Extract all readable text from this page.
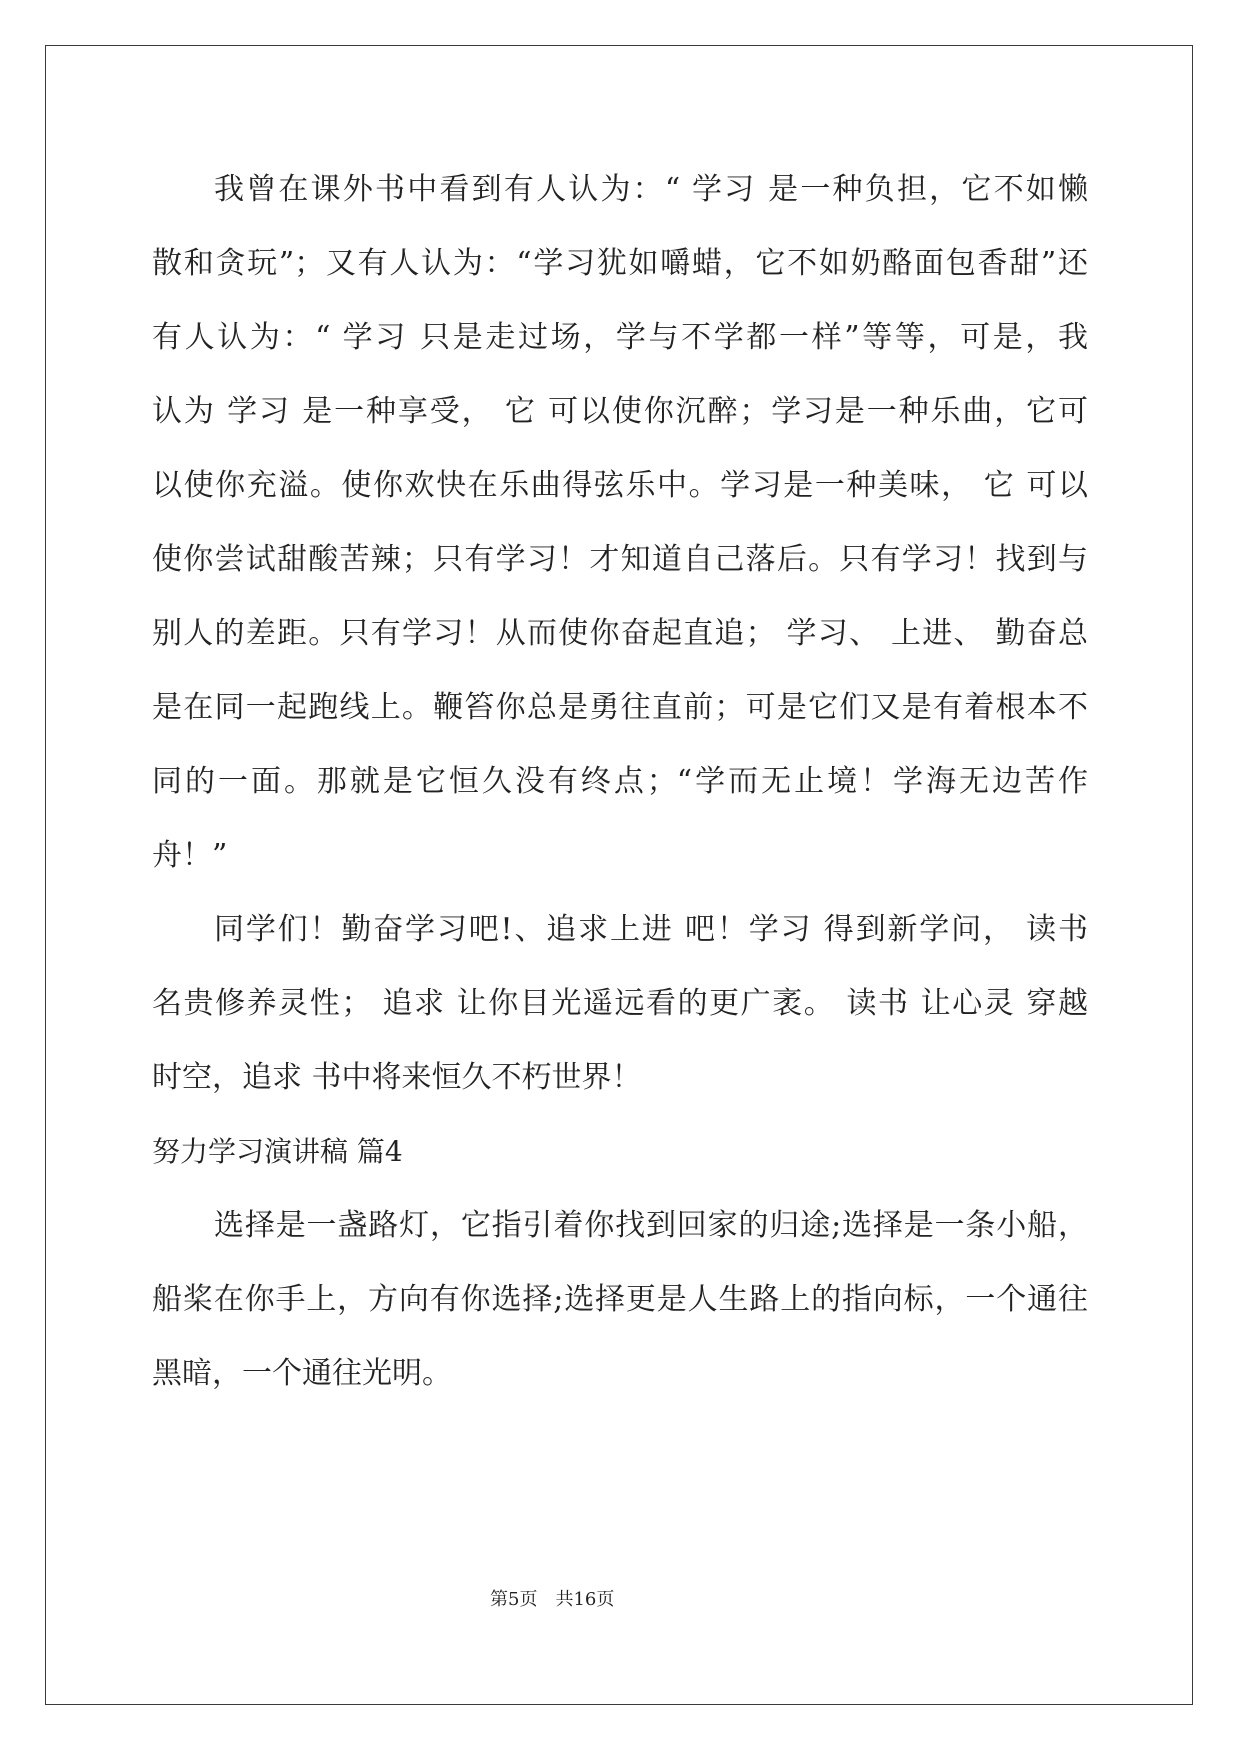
我曾在课外书中看到有人认为：“ 学习 是一种负担，它不如懒
散和贪玩”；又有人认为：“学习犹如嚼蜡，它不如奶酪面包香甜”还
有人认为：“ 学习 只是走过场，学与不学都一样”等等，可是，我
认为 学习 是一种享受， 它 可以使你沉醉；学习是一种乐曲，它可
以使你充溢。使你欢快在乐曲得弦乐中。学习是一种美味， 它 可以
使你尝试甜酸苦辣；只有学习！才知道自己落后。只有学习！找到与
别人的差距。只有学习！从而使你奋起直追； 学习、 上进、 勤奋总
是在同一起跑线上。鞭笞你总是勇往直前；可是它们又是有着根本不
同的一面。那就是它恒久没有终点；“学而无止境！学海无边苦作
舟！”
同学们！勤奋学习吧!、追求上进 吧！学习 得到新学问， 读书
名贵修养灵性； 追求 让你目光遥远看的更广袤。 读书 让心灵 穿越
时空，追求 书中将来恒久不朽世界！
努力学习演讲稿 篇4
选择是一盏路灯，它指引着你找到回家的归途;选择是一条小船，
船桨在你手上，方向有你选择;选择更是人生路上的指向标，一个通往
黑暗，一个通往光明。
第5页 共16页
